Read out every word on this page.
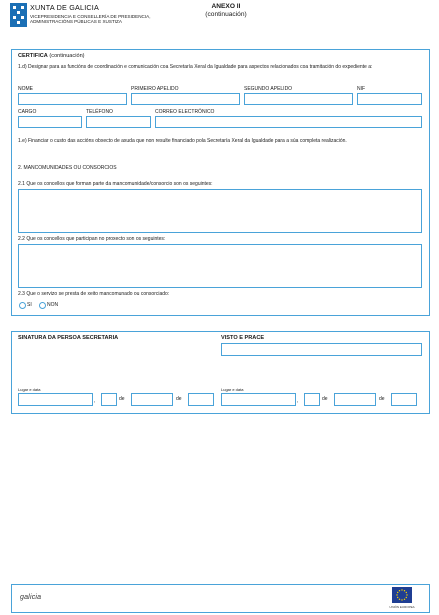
XUNTA DE GALICIA
VICEPRESIDENCIA E CONSELLERÍA DE PRESIDENCIA,
ADMINISTRACIÓNS PÚBLICAS E XUSTIZA
ANEXO II
(continuación)
CERTIFICA (continuación)
1.d) Designar para as funcións de coordinación e comunicación coa Secretaría Xeral da Igualdade para aspectos relacionados coa tramitación do expediente a:
NOME	PRIMEIRO APELIDO	SEGUNDO APELIDO	NIF
CARGO	TELÉFONO	CORREO ELECTRÓNICO
1.e) Financiar o custo das accións obxecto de axuda que non resulte financiado pola Secretaría Xeral da Igualdade para a súa completa realización.
2. MANCOMUNIDADES OU CONSORCIOS
2.1 Que os concellos que forman parte da mancomunidade/consorcio son os seguintes:
2.2 Que os concellos que participan no proxecto son os seguintes:
2.3 Que o servizo se presta de xeito mancomunado ou consorciado:
SI	NON
SINATURA DA PERSOA SECRETARIA	VISTO E PRACE
Lugar e data
,	de	de
Lugar e data
,	de	de
galicia
UNIÓN EUROPEA
